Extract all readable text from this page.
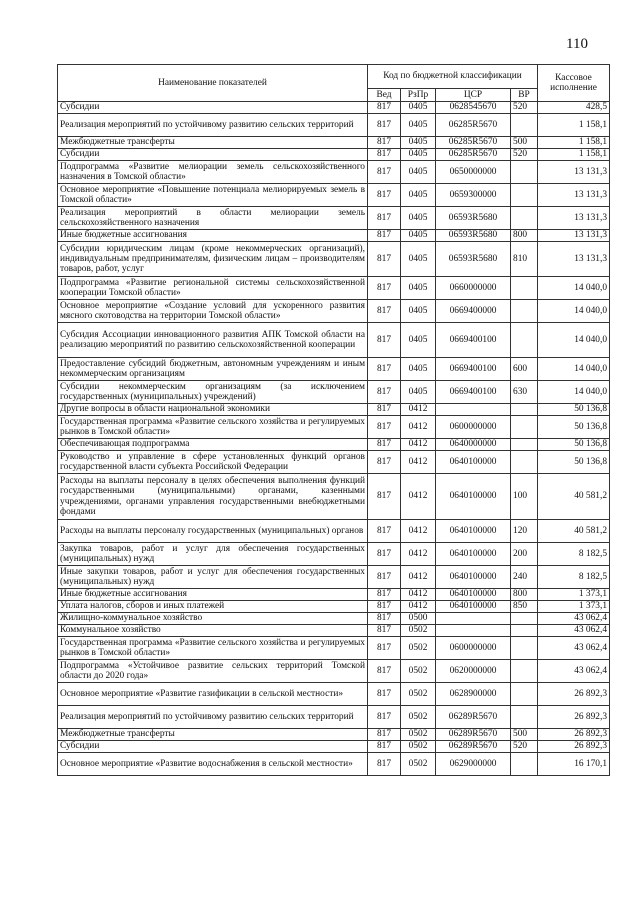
110
Наименование показателей	Код по бюджетной классификации				Кассовое исполнение
	Вед	РзПр	ЦСР	ВР	
Субсидии	817	0405	0628545670	520	428,5
Реализация мероприятий по устойчивому развитию сельских территорий	817	0405	06285R5670		1 158,1
Межбюджетные трансферты	817	0405	06285R5670	500	1 158,1
Субсидии	817	0405	06285R5670	520	1 158,1
Подпрограмма «Развитие мелиорации земель сельскохозяйственного назначения в Томской области»	817	0405	0650000000		13 131,3
Основное мероприятие «Повышение потенциала мелиорируемых земель в Томской области»	817	0405	0659300000		13 131,3
Реализация мероприятий в области мелиорации земель сельскохозяйственного назначения	817	0405	06593R5680		13 131,3
Иные бюджетные ассигнования	817	0405	06593R5680	800	13 131,3
Субсидии юридическим лицам (кроме некоммерческих организаций), индивидуальным предпринимателям, физическим лицам – производителям товаров, работ, услуг	817	0405	06593R5680	810	13 131,3
Подпрограмма «Развитие региональной системы сельскохозяйственной кооперации Томской области»	817	0405	0660000000		14 040,0
Основное мероприятие «Создание условий для ускоренного развития мясного скотоводства на территории Томской области»	817	0405	0669400000		14 040,0
Субсидия Ассоциации инновационного развития АПК Томской области на реализацию мероприятий по развитию сельскохозяйственной кооперации	817	0405	0669400100		14 040,0
Предоставление субсидий бюджетным, автономным учреждениям и иным некоммерческим организациям	817	0405	0669400100	600	14 040,0
Субсидии некоммерческим организациям (за исключением государственных (муниципальных) учреждений)	817	0405	0669400100	630	14 040,0
Другие вопросы в области национальной экономики	817	0412			50 136,8
Государственная программа «Развитие сельского хозяйства и регулируемых рынков в Томской области»	817	0412	0600000000		50 136,8
Обеспечивающая подпрограмма	817	0412	0640000000		50 136,8
Руководство и управление в сфере установленных функций органов государственной власти субъекта Российской Федерации	817	0412	0640100000		50 136,8
Расходы на выплаты персоналу в целях обеспечения выполнения функций государственными (муниципальными) органами, казенными учреждениями, органами управления государственными внебюджетными фондами	817	0412	0640100000	100	40 581,2
Расходы на выплаты персоналу государственных (муниципальных) органов	817	0412	0640100000	120	40 581,2
Закупка товаров, работ и услуг для обеспечения государственных (муниципальных) нужд	817	0412	0640100000	200	8 182,5
Иные закупки товаров, работ и услуг для обеспечения государственных (муниципальных) нужд	817	0412	0640100000	240	8 182,5
Иные бюджетные ассигнования	817	0412	0640100000	800	1 373,1
Уплата налогов, сборов и иных платежей	817	0412	0640100000	850	1 373,1
Жилищно-коммунальное хозяйство	817	0500			43 062,4
Коммунальное хозяйство	817	0502			43 062,4
Государственная программа «Развитие сельского хозяйства и регулируемых рынков в Томской области»	817	0502	0600000000		43 062,4
Подпрограмма «Устойчивое развитие сельских территорий Томской области до 2020 года»	817	0502	0620000000		43 062,4
Основное мероприятие «Развитие газификации в сельской местности»	817	0502	0628900000		26 892,3
Реализация мероприятий по устойчивому развитию сельских территорий	817	0502	06289R5670		26 892,3
Межбюджетные трансферты	817	0502	06289R5670	500	26 892,3
Субсидии	817	0502	06289R5670	520	26 892,3
Основное мероприятие «Развитие водоснабжения в сельской местности»	817	0502	0629000000		16 170,1
